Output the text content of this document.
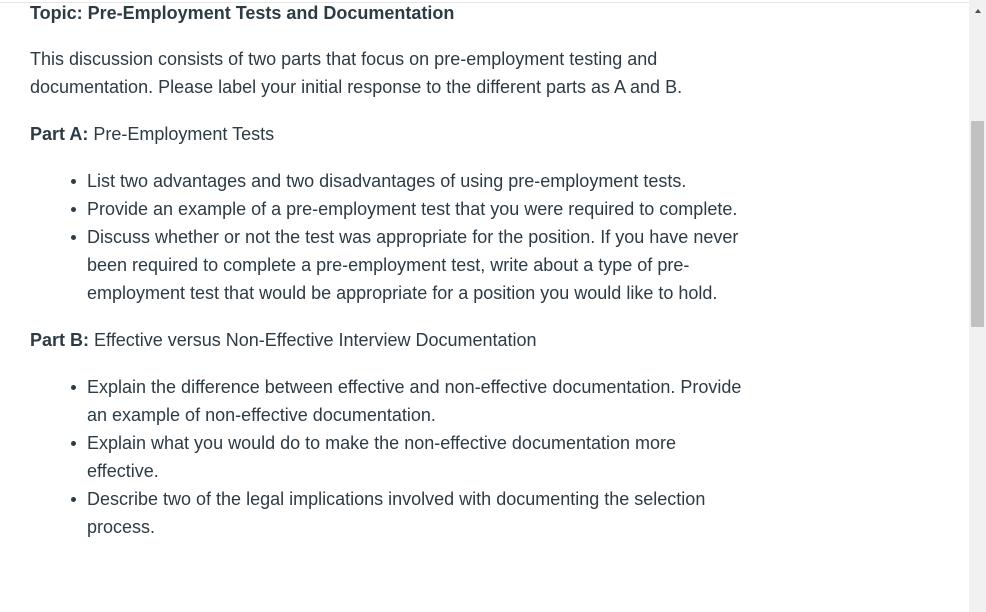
Topic: Pre-Employment Tests and Documentation

This discussion consists of two parts that focus on pre-employment testing and documentation. Please label your initial response to the different parts as A and B.

Part A: Pre-Employment Tests

List two advantages and two disadvantages of using pre-employment tests.
Provide an example of a pre-employment test that you were required to complete.
Discuss whether or not the test was appropriate for the position. If you have never been required to complete a pre-employment test, write about a type of pre-employment test that would be appropriate for a position you would like to hold.

Part B: Effective versus Non-Effective Interview Documentation

Explain the difference between effective and non-effective documentation. Provide an example of non-effective documentation.
Explain what you would do to make the non-effective documentation more effective.
Describe two of the legal implications involved with documenting the selection process.
